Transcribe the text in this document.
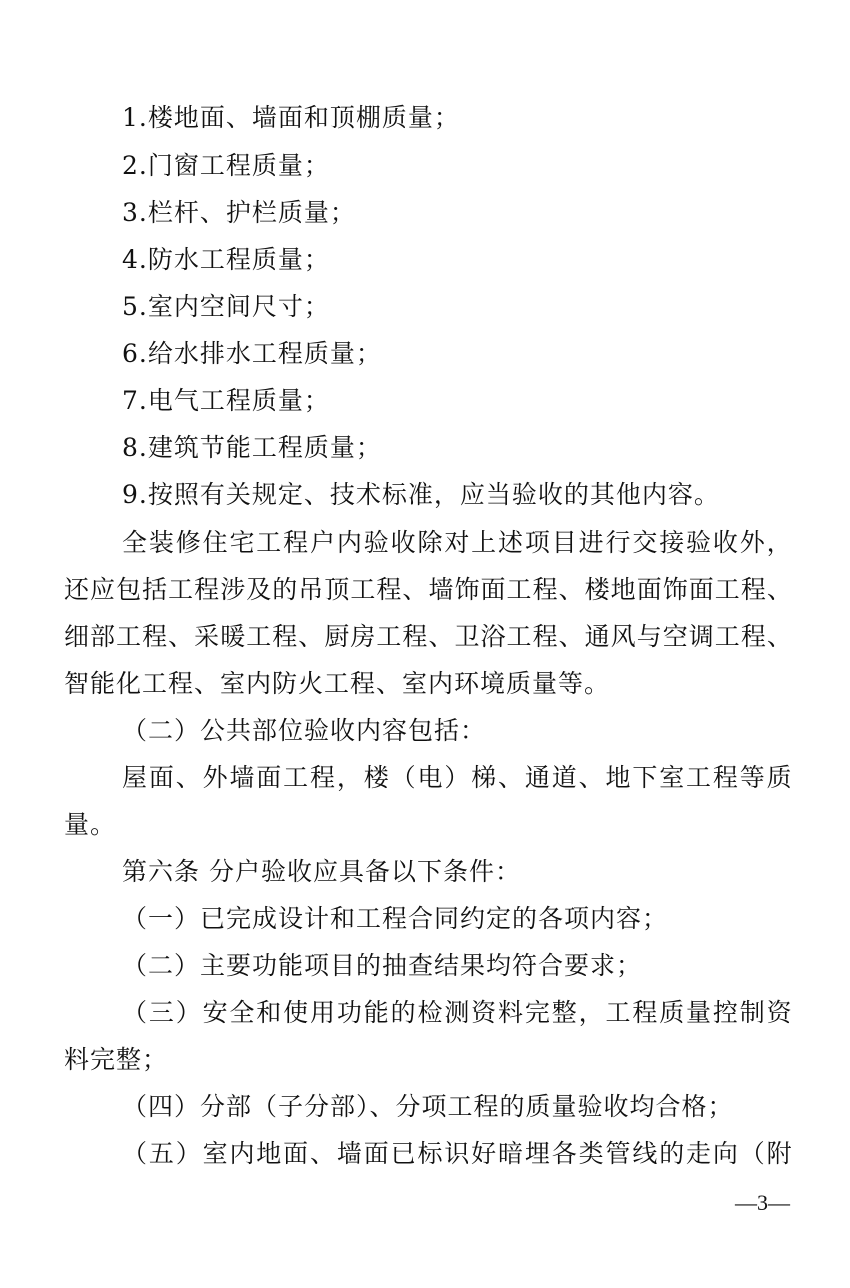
1.楼地面、墙面和顶棚质量；
2.门窗工程质量；
3.栏杆、护栏质量；
4.防水工程质量；
5.室内空间尺寸；
6.给水排水工程质量；
7.电气工程质量；
8.建筑节能工程质量；
9.按照有关规定、技术标准，应当验收的其他内容。
全 装 修 住 宅 工 程 户 内 验 收 除 对 上 述 项 目 进 行 交 接 验 收 外 ，
还 应 包 括 工 程 涉 及 的 吊 顶 工 程 、 墙 饰 面 工 程 、 楼 地 面 饰 面 工 程 、
细 部 工 程 、 采 暖 工 程 、 厨 房 工 程 、 卫 浴 工 程 、 通 风 与 空 调 工 程 、
智能化工程、室内防火工程、室内环境质量等。
（二）公共部位验收内容包括：
屋 面 、 外 墙 面 工 程 ， 楼 （ 电 ） 梯 、 通 道 、 地 下 室 工 程 等 质
量。
第六条 分户验收应具备以下条件：
（一）已完成设计和工程合同约定的各项内容；
（二）主要功能项目的抽查结果均符合要求；
（ 三 ） 安 全 和 使 用 功 能 的 检 测 资 料 完 整 ， 工 程 质 量 控 制 资
料完整；
（四）分部（子分部）、分项工程的质量验收均合格；
（ 五 ） 室 内 地 面 、 墙 面 已 标 识 好 暗 埋 各 类 管 线 的 走 向 （ 附
—3—
